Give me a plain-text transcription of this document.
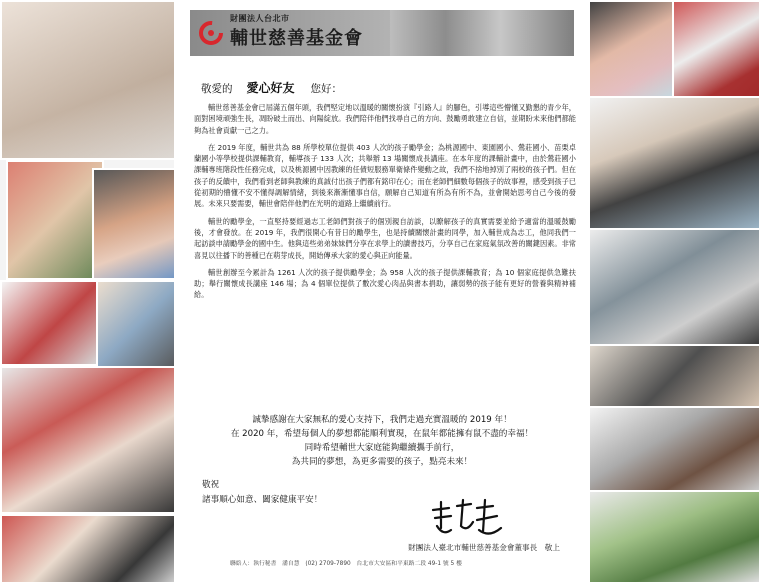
財團法人台北市
輔世慈善基金會
敬愛的 愛心好友 您好：

輔世慈善基金會已屆滿五個年頭，我們堅定地以溫暖的關懷扮演『引路人』的腳色，引導這些懵懂又勤懇的青少年，面對困境頑強生長，凋盼破土而出、向陽綻放。我們陪伴他們找尋自己的方向、鼓勵勇敢建立自信，並期盼未來他們都能夠為社會貢獻一己之力。

在 2019 年度，輔世共為 88 所學校單位提供 403 人次的孩子勵學金；為桃源國中、東園國小、鶯莊國小、苗栗卓蘭國小等學校提供課輔教育，輔導孩子 133 人次；共舉辦 13 場關懷成長講座。在本年度的課輔計畫中，由於鶯莊國小課輔專班階段性任務完成，以及桃源國中因教練的任債短服務單衛條件變動之故，我們不捨地掉別了兩校的孩子們。但在孩子的反饋中，我們看到老師與教練的真誠付出孩子們都有銘印在心；而在老師們細數每個孩子的故事裡，感受到孩子已從初期的懵懂不安不懂得調解情緒，到後來漸漸懂事自信，願解自己知道有所為有所不為，並會開始思考自己今後的發展。未來只要需要，輔世會陪伴他們在光明的道路上繼續前行。

輔世的勵學金，一直堅持要經過志工老師們對孩子的個別親自訪談，以瞭解孩子的真實需要並給予適當的溫暖鼓勵後，才會發放。在 2019 年，我們很開心有昔日的勵學生，也是持續關懷計畫的同學，加入輔世成為志工，他同我們一起訪談申請勵學金的國中生。他與這些弟弟妹妹們分享在求學上的讀書技巧，分享自己在家庭氣氛改善的關鍵因素。非常喜見以往播下的善種已在萌芽成長，開始傳承大家的愛心與正向能量。

輔世創辦至今累計為 1261 人次的孩子提供勵學金；為 958 人次的孩子提供課輔教育；為 10 個家庭提供急難扶助；舉行關懷成長講座 146 場；為 4 個單位提供了數次愛心肉品與書本捐助，讓弱勢的孩子能有更好的營養與精神補給。

誠摯感謝在大家無私的愛心支持下，我們走過充實溫暖的 2019 年！
在 2020 年，希望每個人的夢想都能順利實現，在鼠年都能擁有鼠不盡的幸福！
同時希望輔世大家庭能夠繼續攜手前行，
為共同的夢想，為更多需要的孩子，點亮未來！
敬祝
諸事順心如意、闔家健康平安！
財團法人臺北市輔世慈善基金會董事長　敬上
聯絡人：執行秘書　潘自慧　(02) 2709-7890　台北市大安區和平東路二段 49-1 號 5 樓
